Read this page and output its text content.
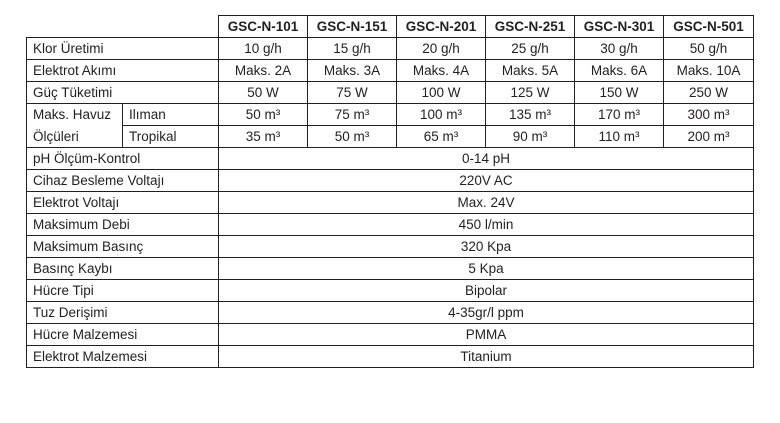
		GSC-N-101	GSC-N-151	GSC-N-201	GSC-N-251	GSC-N-301	GSC-N-501
Klor Üretimi		10 g/h	15 g/h	20 g/h	25 g/h	30 g/h	50 g/h
Elektrot Akımı		Maks. 2A	Maks. 3A	Maks. 4A	Maks. 5A	Maks. 6A	Maks. 10A
Güç Tüketimi		50 W	75 W	100 W	125 W	150 W	250 W
Maks. Havuz	Ilıman	50 m³	75 m³	100 m³	135 m³	170 m³	300 m³
Ölçüleri	Tropikal	35 m³	50 m³	65 m³	90 m³	110 m³	200 m³
pH Ölçüm-Kontrol		0-14 pH					
Cihaz Besleme Voltajı		220V AC					
Elektrot Voltajı		Max. 24V					
Maksimum Debi		450 l/min					
Maksimum Basınç		320 Kpa					
Basınç Kaybı		5 Kpa					
Hücre Tipi		Bipolar					
Tuz Derişimi		4-35gr/l ppm					
Hücre Malzemesi		PMMA					
Elektrot Malzemesi		Titanium					
